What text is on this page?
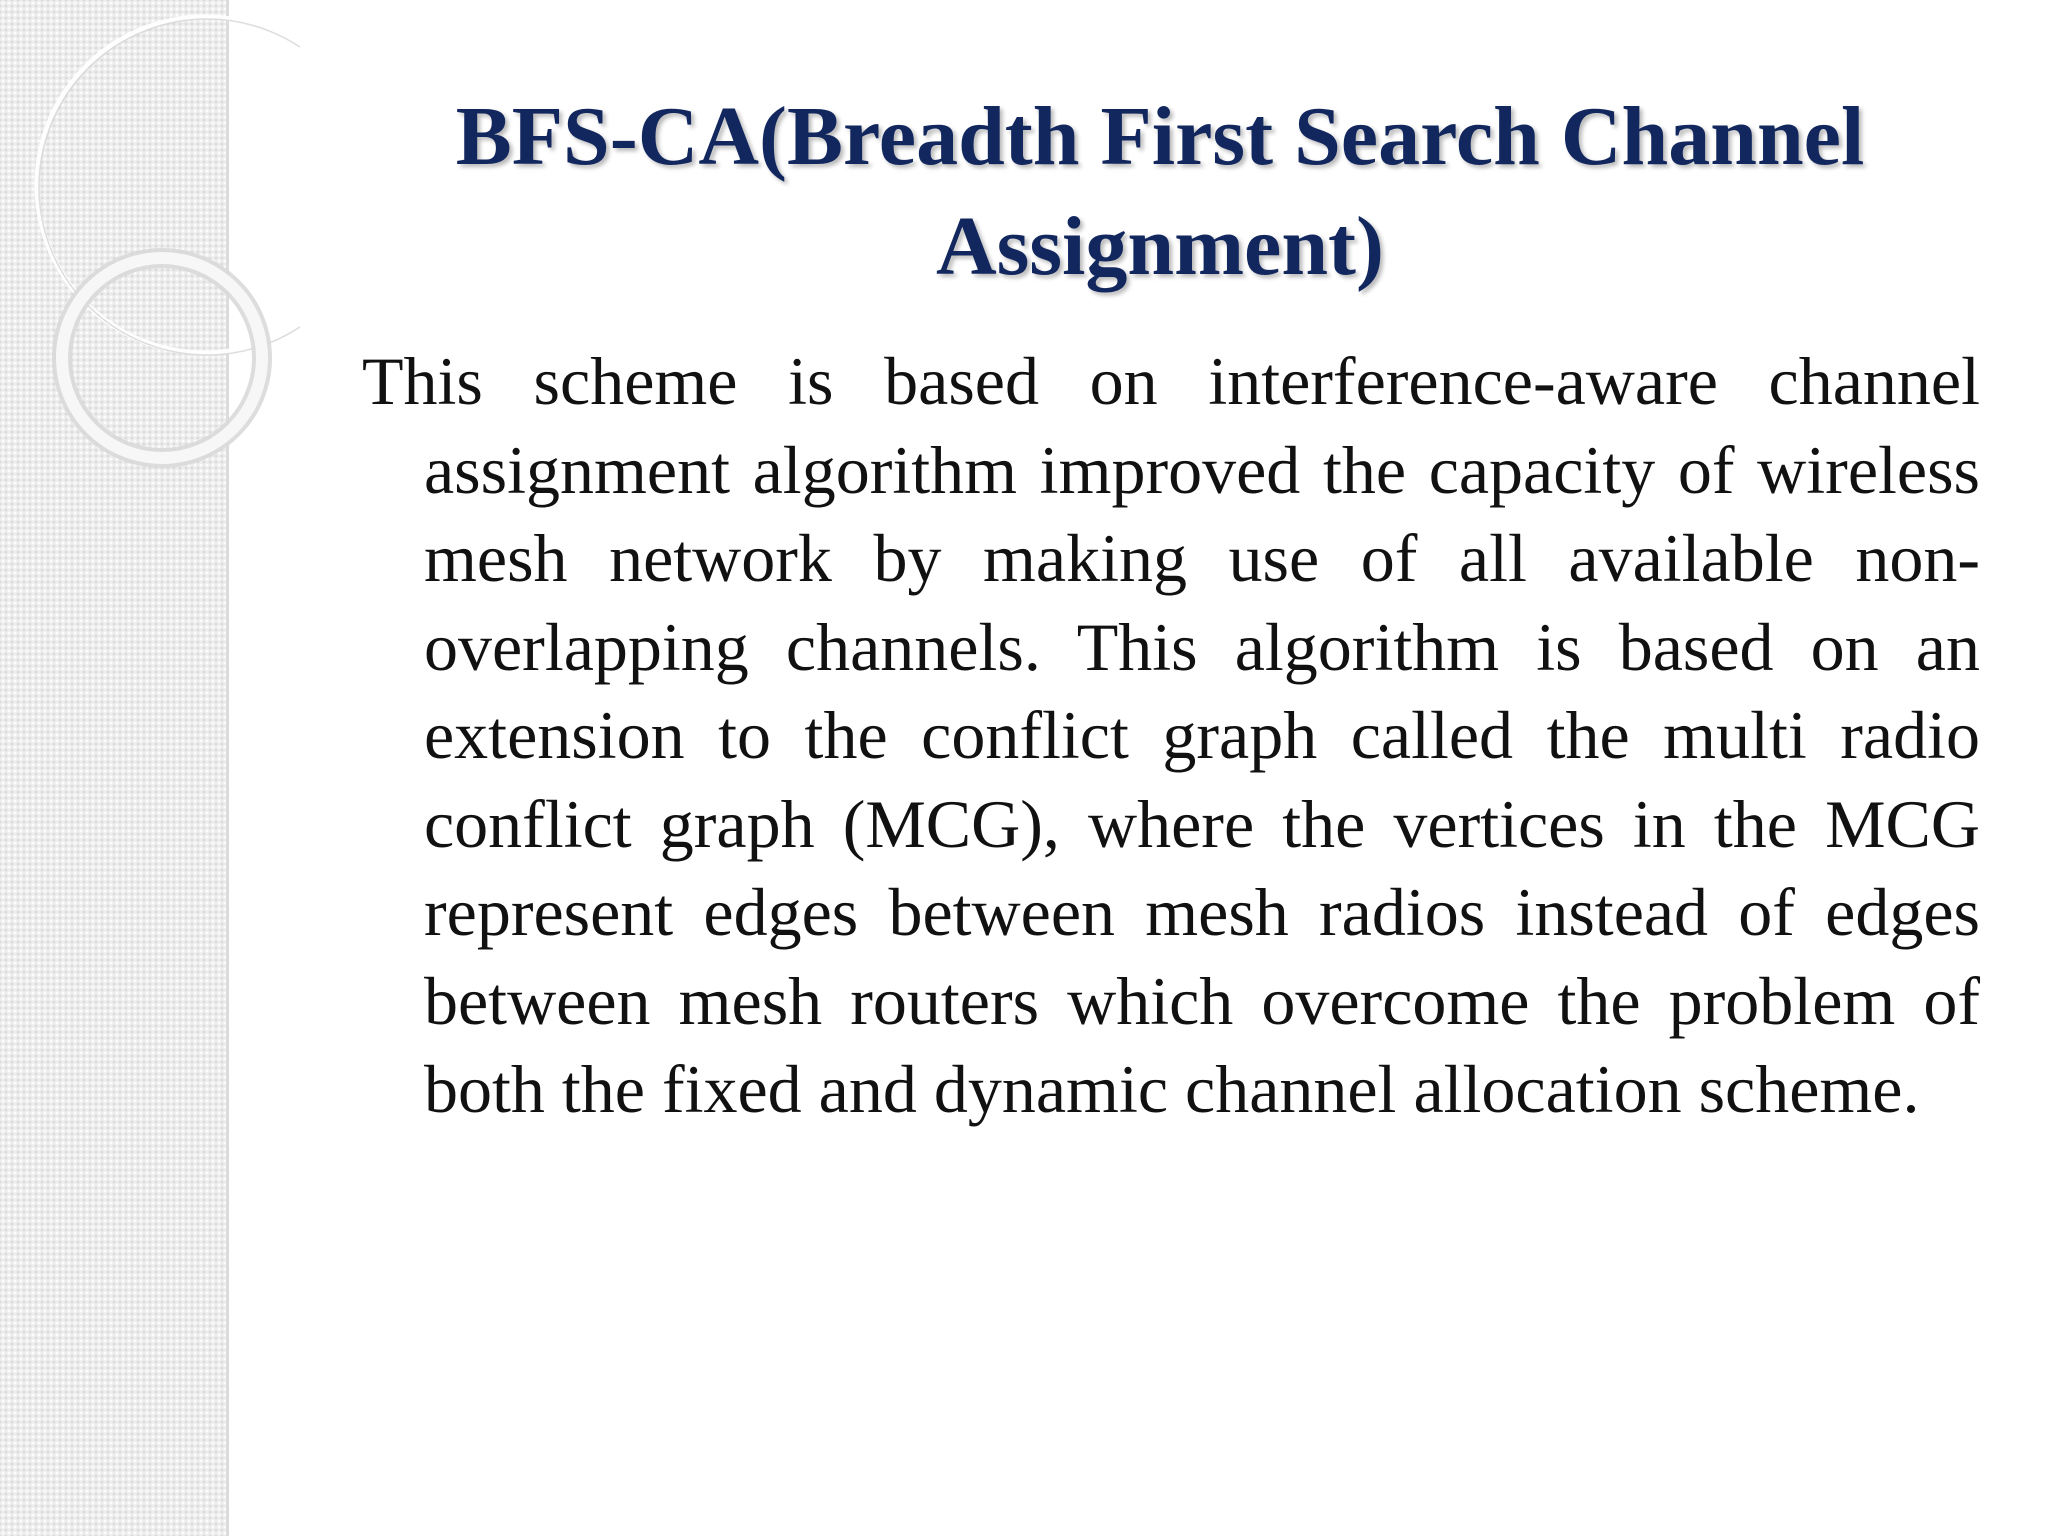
BFS-CA(Breadth First Search Channel Assignment)

This scheme is based on interference-aware channel assignment algorithm improved the capacity of wireless mesh network by making use of all available non-overlapping channels. This algorithm is based on an extension to the conflict graph called the multi radio conflict graph (MCG), where the vertices in the MCG represent edges between mesh radios instead of edges between mesh routers which overcome the problem of both the fixed and dynamic channel allocation scheme.
